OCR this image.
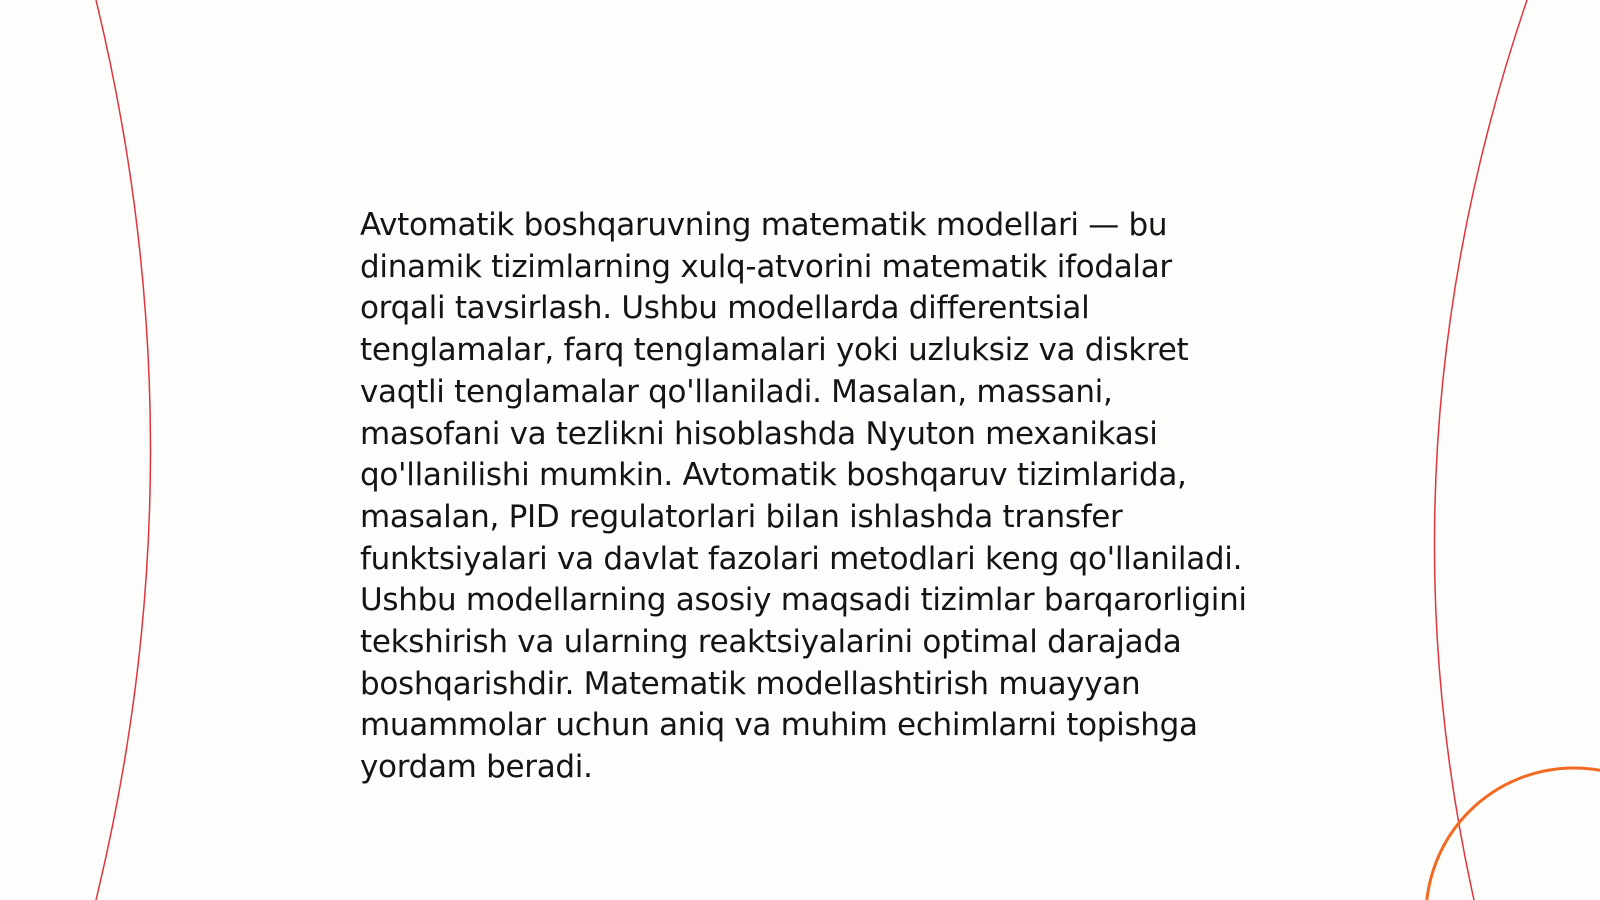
Avtomatik boshqaruvning matematik modellari — bu dinamik tizimlarning xulq-atvorini matematik ifodalar orqali tavsirlash. Ushbu modellarda differentsial tenglamalar, farq tenglamalari yoki uzluksiz va diskret vaqtli tenglamalar qo'llaniladi. Masalan, massani, masofani va tezlikni hisoblashda Nyuton mexanikasi qo'llanilishi mumkin. Avtomatik boshqaruv tizimlarida, masalan, PID regulatorlari bilan ishlashda transfer funktsiyalari va davlat fazolari metodlari keng qo'llaniladi. Ushbu modellarning asosiy maqsadi tizimlar barqarorligini tekshirish va ularning reaktsiyalarini optimal darajada boshqarishdir. Matematik modellashtirish muayyan muammolar uchun aniq va muhim echimlarni topishga yordam beradi.
